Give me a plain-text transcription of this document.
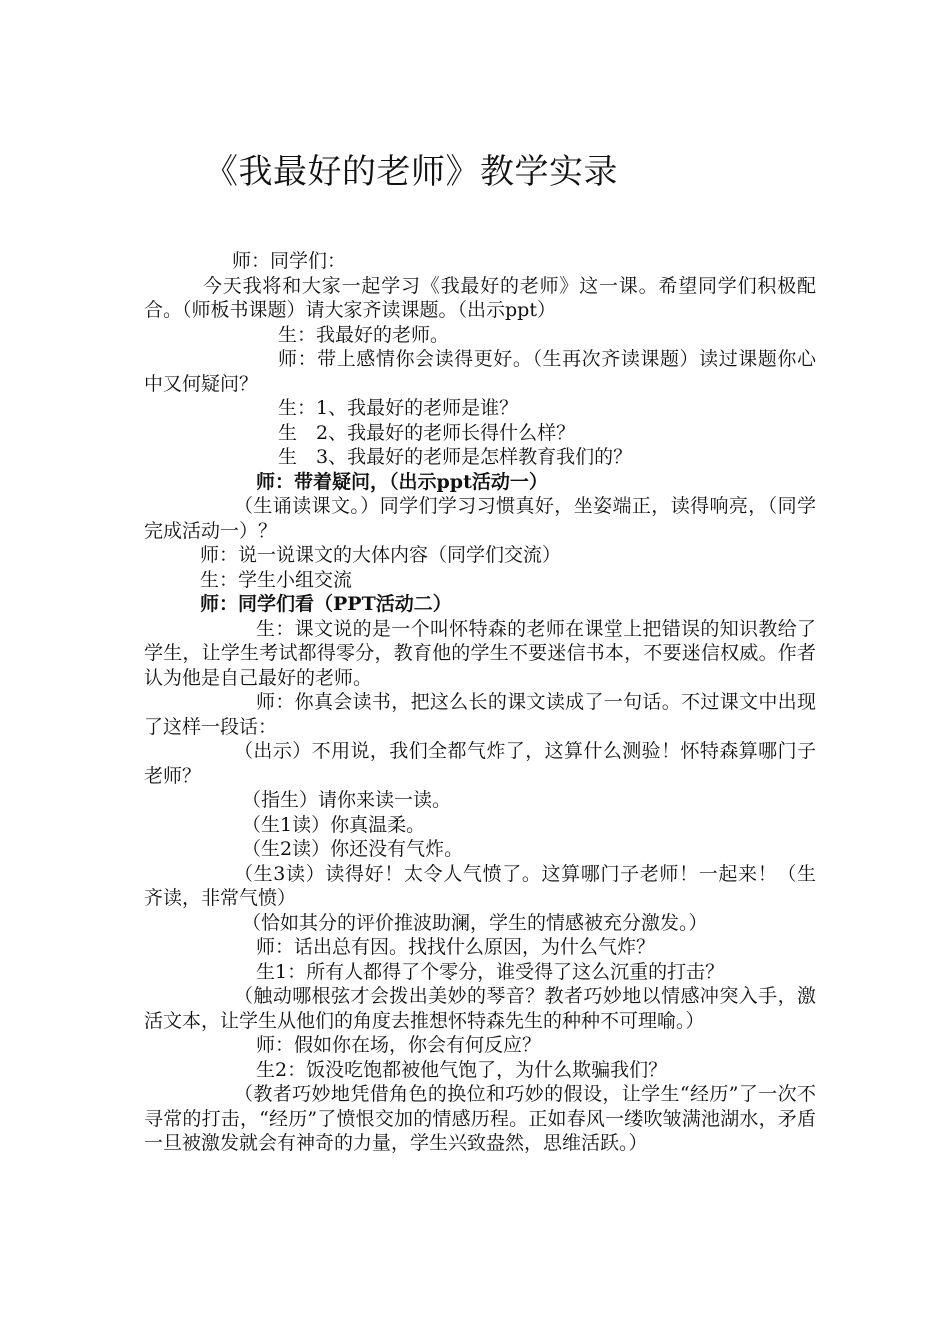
《我最好的老师》教学实录

师：同学们：

今天我将和大家一起学习《我最好的老师》这一课。希望同学们积极配合。（师板书课题）请大家齐读课题。（出示ppt）

生：我最好的老师。

师：带上感情你会读得更好。（生再次齐读课题）读过课题你心中又何疑问？

生：1、我最好的老师是谁？

生　2、我最好的老师长得什么样？

生　3、我最好的老师是怎样教育我们的？

师：带着疑问，（出示ppt活动一）

（生诵读课文。）同学们学习习惯真好，坐姿端正，读得响亮，（同学完成活动一）？

师：说一说课文的大体内容（同学们交流）

生：学生小组交流

师：同学们看（PPT活动二）

生：课文说的是一个叫怀特森的老师在课堂上把错误的知识教给了学生，让学生考试都得零分，教育他的学生不要迷信书本，不要迷信权威。作者认为他是自己最好的老师。

师：你真会读书，把这么长的课文读成了一句话。不过课文中出现了这样一段话：

（出示）不用说，我们全都气炸了，这算什么测验！怀特森算哪门子老师？

（指生）请你来读一读。

（生1读）你真温柔。

（生2读）你还没有气炸。

（生3读）读得好！太令人气愤了。这算哪门子老师！一起来！（生齐读，非常气愤）

（恰如其分的评价推波助澜，学生的情感被充分激发。）

师：话出总有因。找找什么原因，为什么气炸？

生1：所有人都得了个零分，谁受得了这么沉重的打击？

（触动哪根弦才会拨出美妙的琴音？教者巧妙地以情感冲突入手，激活文本，让学生从他们的角度去推想怀特森先生的种种不可理喻。）

师：假如你在场，你会有何反应？

生2：饭没吃饱都被他气饱了，为什么欺骗我们？

（教者巧妙地凭借角色的换位和巧妙的假设，让学生“经历”了一次不寻常的打击，“经历”了愤恨交加的情感历程。正如春风一缕吹皱满池湖水，矛盾一旦被激发就会有神奇的力量，学生兴致盎然，思维活跃。）
